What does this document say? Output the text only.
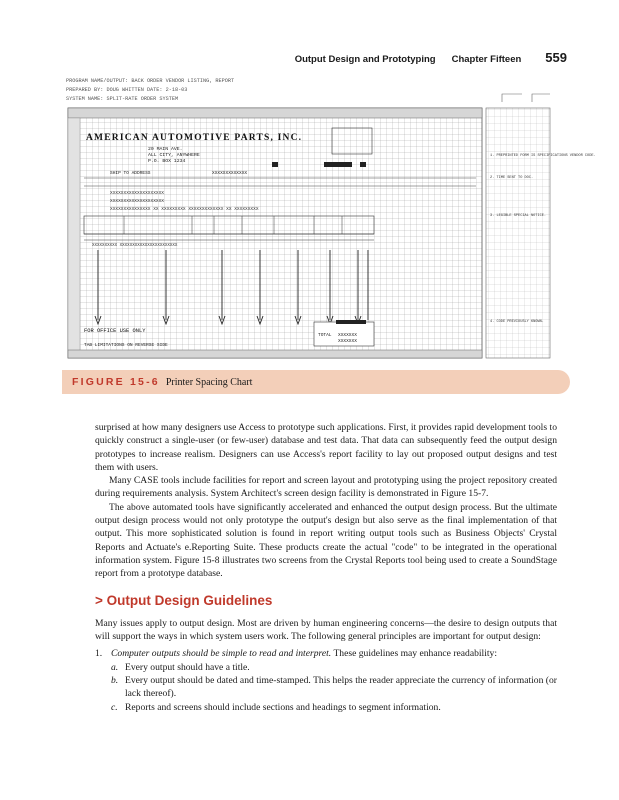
Output Design and Prototyping Chapter Fifteen 559
PROGRAM NAME/OUTPUT: BACK ORDER VENDOR LISTING, REPORT
PREPARED BY: DOUG WHITTEN DATE: 2-18-03
SYSTEM NAME: SPLIT-RATE ORDER SYSTEM
AMERICAN AUTOMOTIVE PARTS, INC.
20 MAIN AVE.
ALL CITY, ANYWHERE
P.O. BOX 1234
SHIP TO ADDRESS	XXXXXXXXXXXXX
XXXXXXXXXXXXXXXXXXXX
XXXXXXXXXXXXXXXXXXXX
XXXXXXXXXXXXXXX XX XXXXXXXXX XXXXXXXXXXXXX XX XXXXXXXXX
XXXXXXXXXX XXXXXXXXXXXXXXXXXXXXXXX
TOTAL XXXXXXX
XXXXXXX
FOR OFFICE USE ONLY
TAB LIMITATIONS ON REVERSE SIDE
1. PREPRINTED FORM IS SPECIFICATIONS VENDOR CODE.
2. TIME SENT TO DOC.
3. LEGIBLE SPECIAL NOTICE.
4. CODE PREVIOUSLY KNOWN.
FIGURE 15-6 Printer Spacing Chart

surprised at how many designers use Access to prototype such applications. First, it provides rapid development tools to quickly construct a single-user (or few-user) database and test data. That data can subsequently feed the output design prototypes to increase realism. Designers can use Access's report facility to lay out proposed output designs and test them with users.

Many CASE tools include facilities for report and screen layout and prototyping using the project repository created during requirements analysis. System Architect's screen design facility is demonstrated in Figure 15-7.

The above automated tools have significantly accelerated and enhanced the output design process. But the ultimate output design process would not only prototype the output's design but also serve as the final implementation of that output. This more sophisticated solution is found in report writing output tools such as Business Objects' Crystal Reports and Actuate's e.Reporting Suite. These products create the actual "code" to be integrated in the operational information system. Figure 15-8 illustrates two screens from the Crystal Reports tool being used to create a SoundStage report from a prototype database.

> Output Design Guidelines

Many issues apply to output design. Most are driven by human engineering concerns—the desire to design outputs that will support the ways in which system users work. The following general principles are important for output design:

1. Computer outputs should be simple to read and interpret. These guidelines may enhance readability:
a. Every output should have a title.
b. Every output should be dated and time-stamped. This helps the reader appreciate the currency of information (or lack thereof).
c. Reports and screens should include sections and headings to segment information.
